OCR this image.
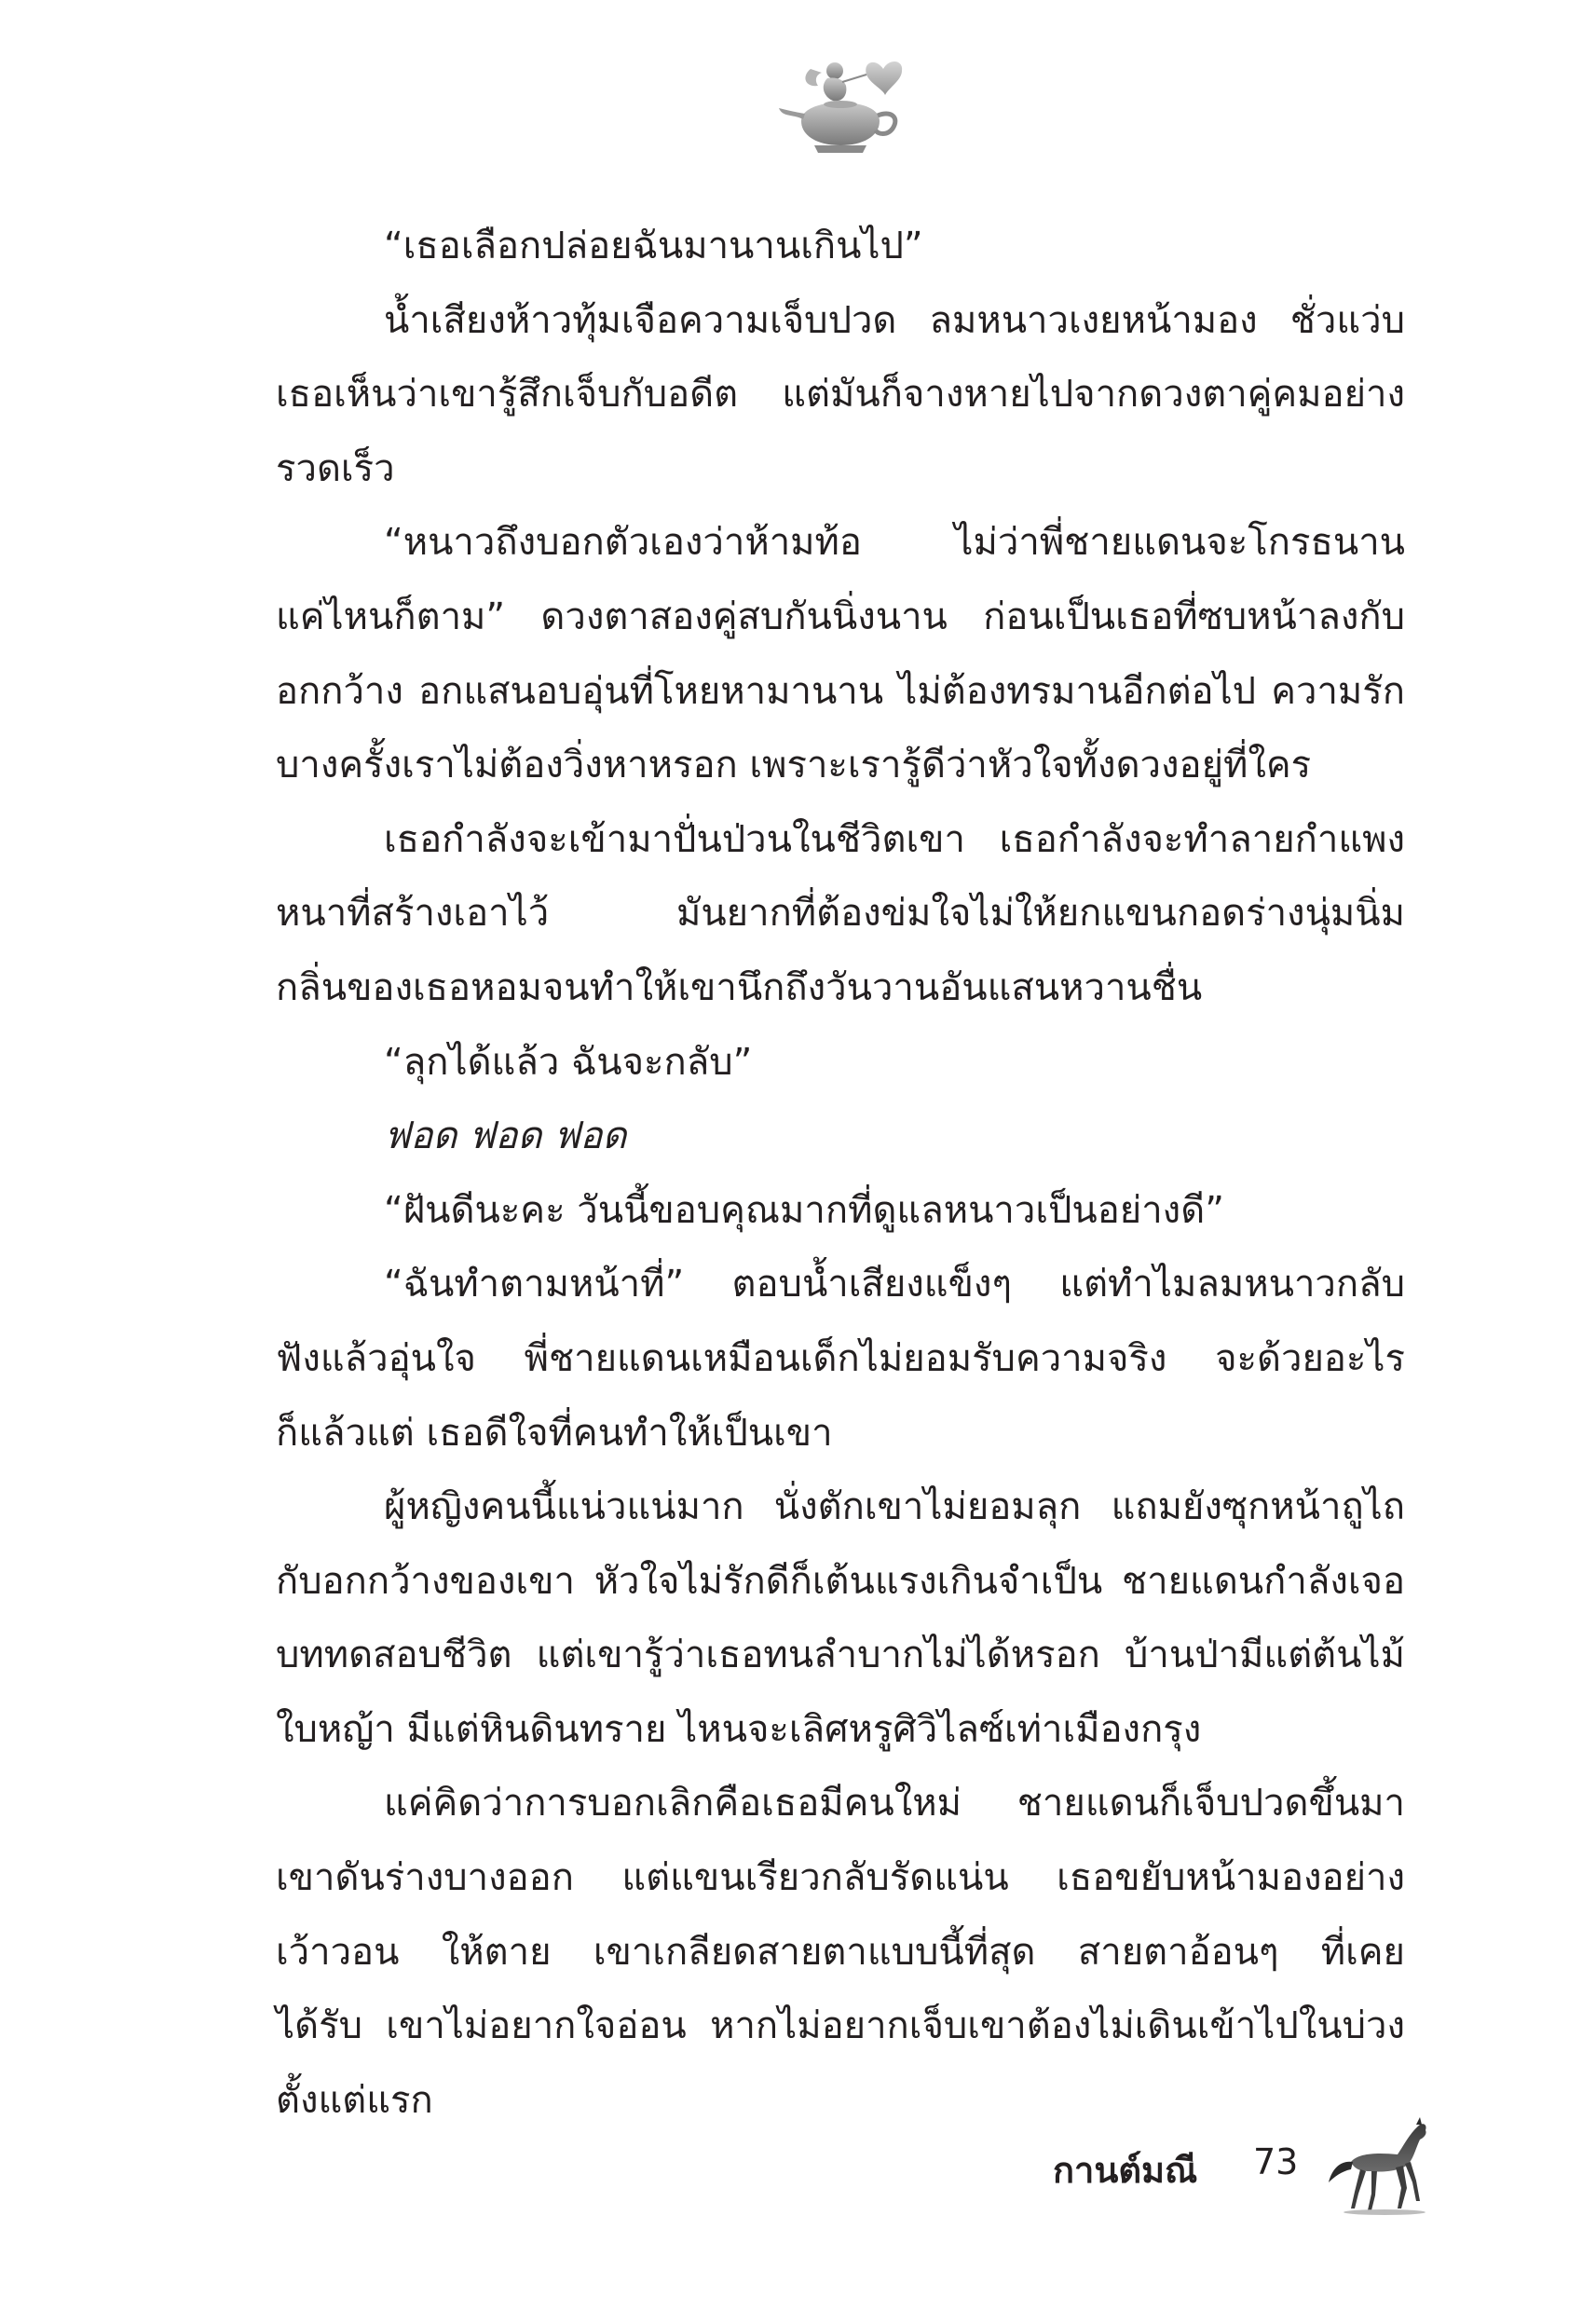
“เธอเลือกปล่อยฉันมานานเกินไป”
น้ำเสียงห้าวทุ้มเจือความเจ็บปวด ลมหนาวเงยหน้ามอง ชั่วแว่บ
เธอเห็นว่าเขารู้สึกเจ็บกับอดีต แต่มันก็จางหายไปจากดวงตาคู่คมอย่าง
รวดเร็ว
“หนาวถึงบอกตัวเองว่าห้ามท้อ ไม่ว่าพี่ชายแดนจะโกรธนาน
แค่ไหนก็ตาม” ดวงตาสองคู่สบกันนิ่งนาน ก่อนเป็นเธอที่ซบหน้าลงกับ
อกกว้าง อกแสนอบอุ่นที่โหยหามานาน ไม่ต้องทรมานอีกต่อไป ความรัก
บางครั้งเราไม่ต้องวิ่งหาหรอก เพราะเรารู้ดีว่าหัวใจทั้งดวงอยู่ที่ใคร
เธอกำลังจะเข้ามาปั่นป่วนในชีวิตเขา เธอกำลังจะทำลายกำแพง
หนาที่สร้างเอาไว้ มันยากที่ต้องข่มใจไม่ให้ยกแขนกอดร่างนุ่มนิ่ม
กลิ่นของเธอหอมจนทำให้เขานึกถึงวันวานอันแสนหวานชื่น
“ลุกได้แล้ว ฉันจะกลับ”
ฟอด ฟอด ฟอด
“ฝันดีนะคะ วันนี้ขอบคุณมากที่ดูแลหนาวเป็นอย่างดี”
“ฉันทำตามหน้าที่” ตอบน้ำเสียงแข็งๆ แต่ทำไมลมหนาวกลับ
ฟังแล้วอุ่นใจ พี่ชายแดนเหมือนเด็กไม่ยอมรับความจริง จะด้วยอะไร
ก็แล้วแต่ เธอดีใจที่คนทำให้เป็นเขา
ผู้หญิงคนนี้แน่วแน่มาก นั่งตักเขาไม่ยอมลุก แถมยังซุกหน้าถูไถ
กับอกกว้างของเขา หัวใจไม่รักดีก็เต้นแรงเกินจำเป็น ชายแดนกำลังเจอ
บททดสอบชีวิต แต่เขารู้ว่าเธอทนลำบากไม่ได้หรอก บ้านป่ามีแต่ต้นไม้
ใบหญ้า มีแต่หินดินทราย ไหนจะเลิศหรูศิวิไลซ์เท่าเมืองกรุง
แค่คิดว่าการบอกเลิกคือเธอมีคนใหม่ ชายแดนก็เจ็บปวดขึ้นมา
เขาดันร่างบางออก แต่แขนเรียวกลับรัดแน่น เธอขยับหน้ามองอย่าง
เว้าวอน ให้ตาย เขาเกลียดสายตาแบบนี้ที่สุด สายตาอ้อนๆ ที่เคย
ได้รับ เขาไม่อยากใจอ่อน หากไม่อยากเจ็บเขาต้องไม่เดินเข้าไปในบ่วง
ตั้งแต่แรก
กานต์มณี 73
